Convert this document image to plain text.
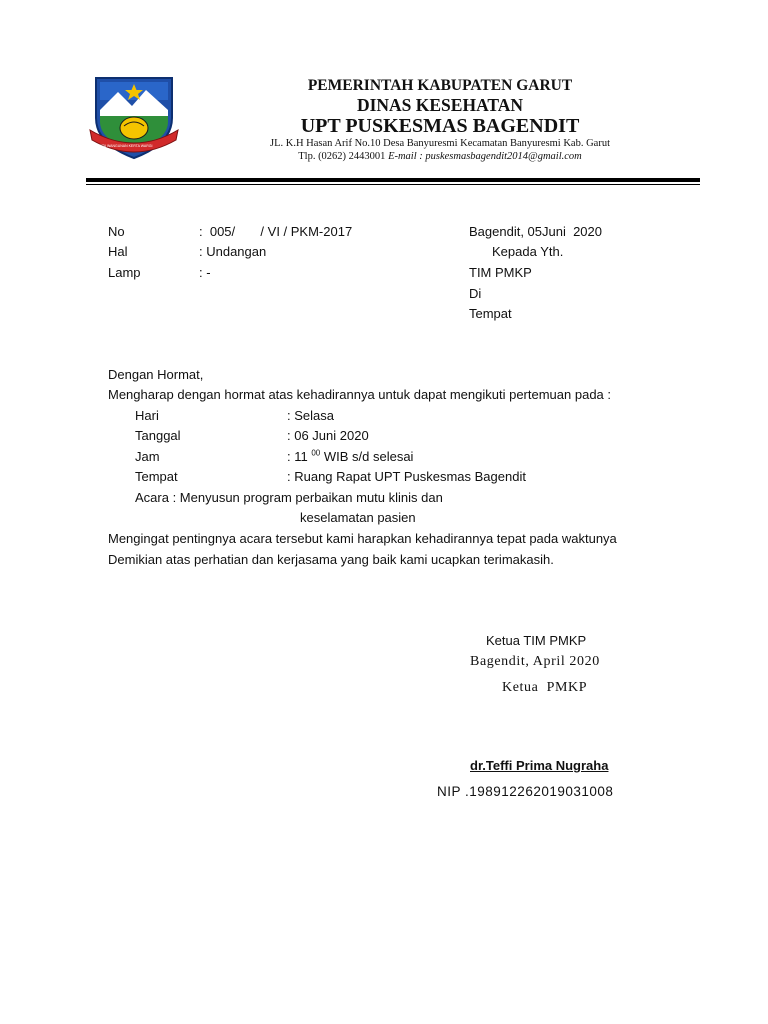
TATA WANGUNAN KERTA WARGI
PEMERINTAH KABUPATEN GARUT
DINAS KESEHATAN
UPT PUSKESMAS BAGENDIT
JL. K.H Hasan Arif No.10 Desa Banyuresmi Kecamatan Banyuresmi Kab. Garut
Tlp. (0262) 2443001 E-mail : puskesmasbagendit2014@gmail.com
No	:  005/       / VI / PKM-2017
Hal	: Undangan
Lamp	: -
Bagendit, 05Juni  2020
Kepada Yth.
TIM PMKP
Di
Tempat
Dengan Hormat,
Mengharap dengan hormat atas kehadirannya untuk dapat mengikuti pertemuan pada :
Hari	: Selasa
Tanggal	: 06 Juni 2020
Jam	: 11 $^{00}$ WIB s/d selesai
Tempat	: Ruang Rapat UPT Puskesmas Bagendit
Acara : Menyusun program perbaikan mutu klinis dan
keselamatan pasien
Mengingat pentingnya acara tersebut kami harapkan kehadirannya tepat pada waktunya
Demikian atas perhatian dan kerjasama yang baik kami ucapkan terimakasih.
Ketua TIM PMKP
Bagendit, April 2020
Ketua  PMKP
dr.Teffi Prima Nugraha
NIP .198912262019031008
